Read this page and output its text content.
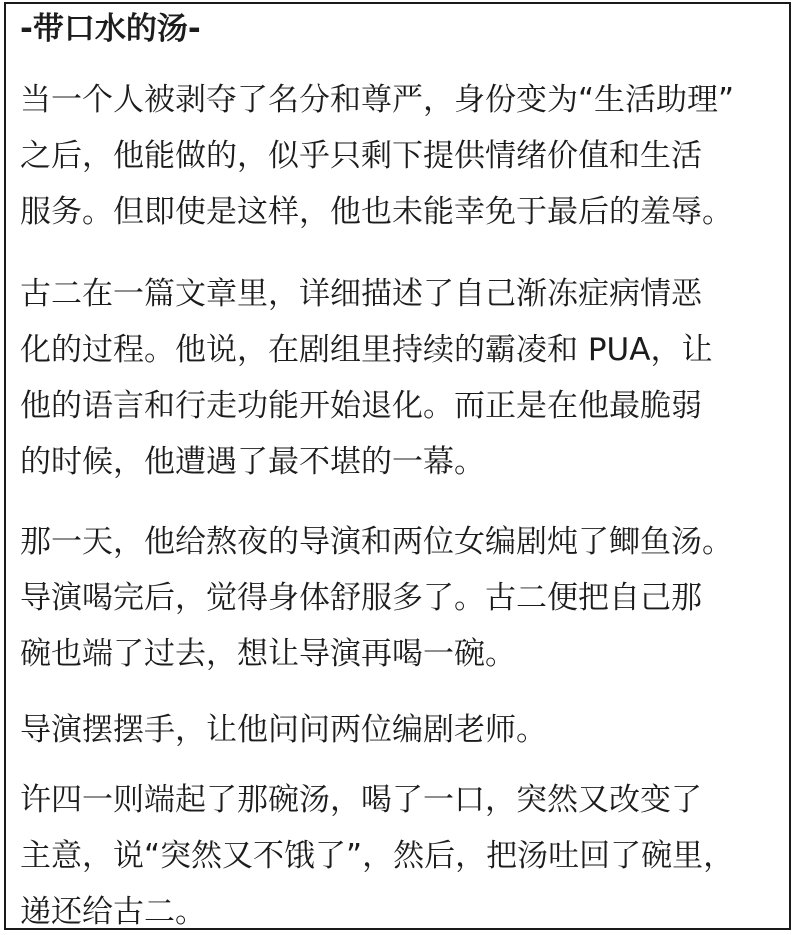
-带口水的汤-
当一个人被剥夺了名分和尊严，身份变为“生活助理”
之后，他能做的，似乎只剩下提供情绪价值和生活
服务。但即使是这样，他也未能幸免于最后的羞辱。
古二在一篇文章里，详细描述了自己渐冻症病情恶
化的过程。他说，在剧组里持续的霸凌和 PUA，让
他的语言和行走功能开始退化。而正是在他最脆弱
的时候，他遭遇了最不堪的一幕。
那一天，他给熬夜的导演和两位女编剧炖了鲫鱼汤。
导演喝完后，觉得身体舒服多了。古二便把自己那
碗也端了过去，想让导演再喝一碗。
导演摆摆手，让他问问两位编剧老师。
许四一则端起了那碗汤，喝了一口，突然又改变了
主意，说“突然又不饿了”，然后，把汤吐回了碗里，
递还给古二。
